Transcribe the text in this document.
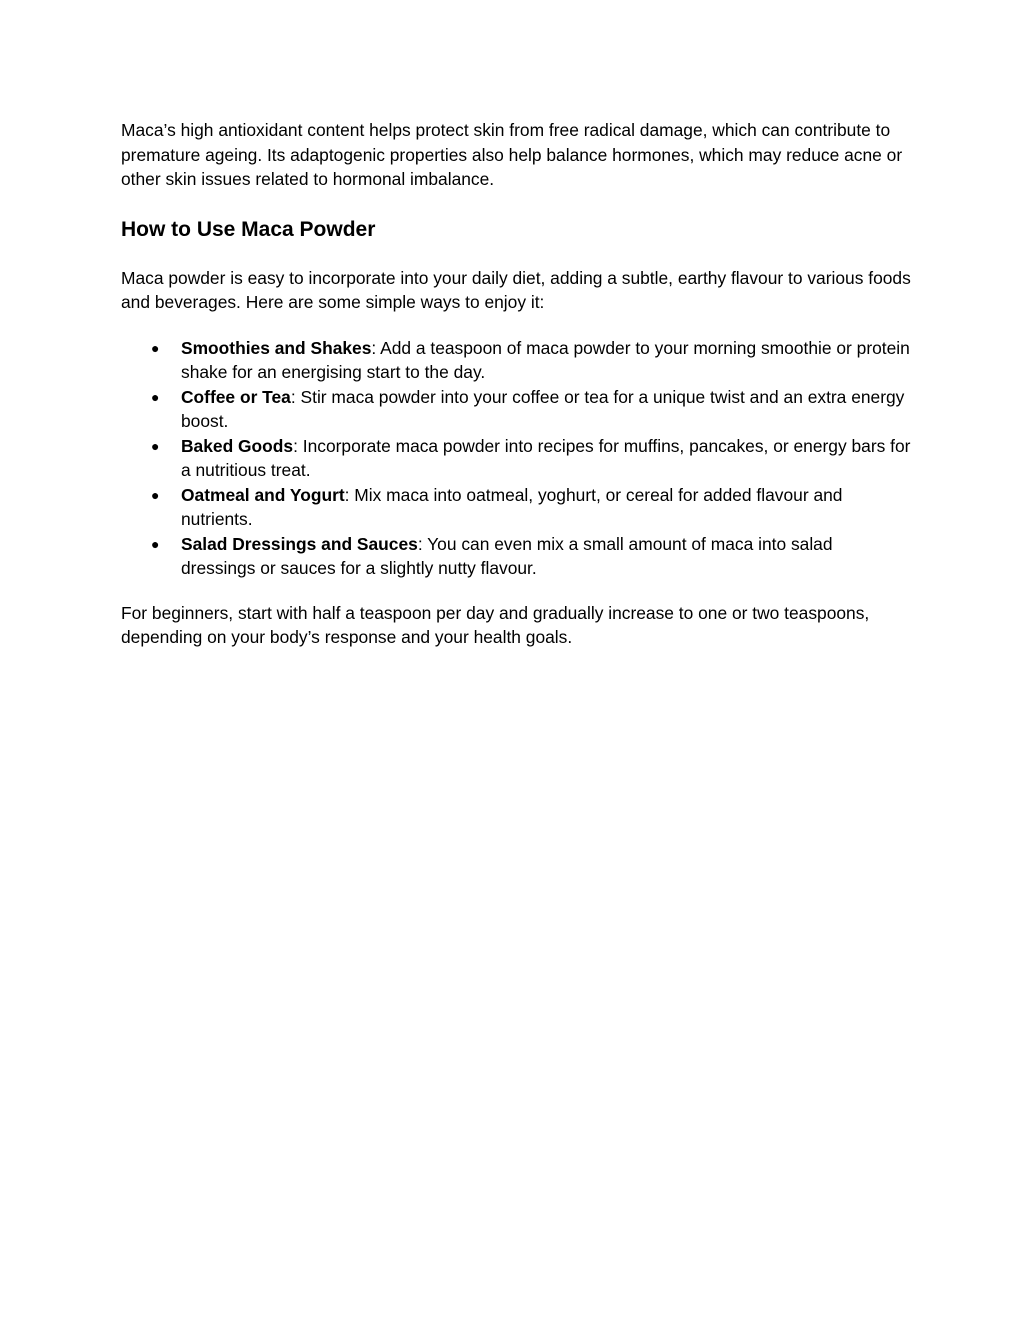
Maca’s high antioxidant content helps protect skin from free radical damage, which can contribute to premature ageing. Its adaptogenic properties also help balance hormones, which may reduce acne or other skin issues related to hormonal imbalance.

How to Use Maca Powder

Maca powder is easy to incorporate into your daily diet, adding a subtle, earthy flavour to various foods and beverages. Here are some simple ways to enjoy it:

● Smoothies and Shakes: Add a teaspoon of maca powder to your morning smoothie or protein shake for an energising start to the day.
● Coffee or Tea: Stir maca powder into your coffee or tea for a unique twist and an extra energy boost.
● Baked Goods: Incorporate maca powder into recipes for muffins, pancakes, or energy bars for a nutritious treat.
● Oatmeal and Yogurt: Mix maca into oatmeal, yoghurt, or cereal for added flavour and nutrients.
● Salad Dressings and Sauces: You can even mix a small amount of maca into salad dressings or sauces for a slightly nutty flavour.

For beginners, start with half a teaspoon per day and gradually increase to one or two teaspoons, depending on your body’s response and your health goals.
